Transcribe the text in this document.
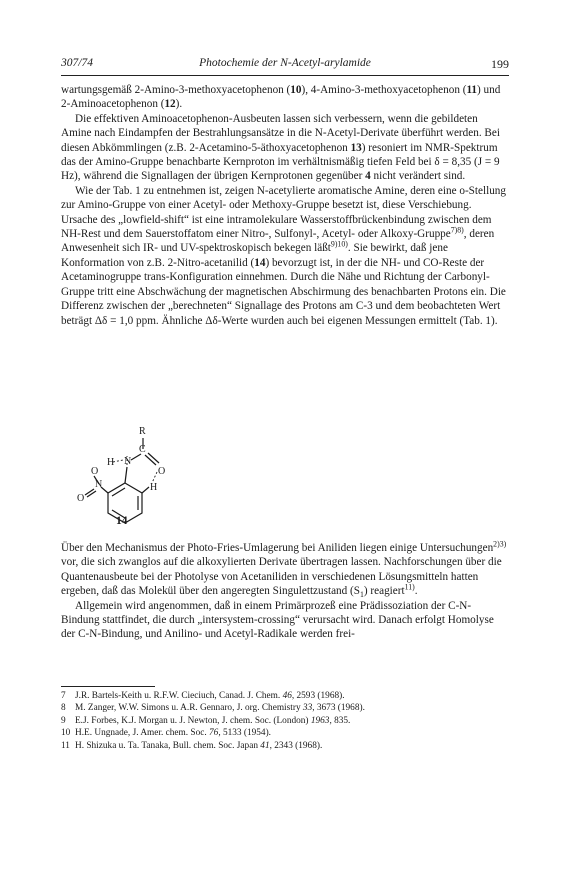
307/74	Photochemie der N-Acetyl-arylamide	199

wartungsgemäß 2-Amino-3-methoxyacetophenon (10), 4-Amino-3-methoxyacetophenon (11) und 2-Aminoacetophenon (12).

Die effektiven Aminoacetophenon-Ausbeuten lassen sich verbessern, wenn die gebildeten Amine nach Eindampfen der Bestrahlungsansätze in die N-Acetyl-Derivate überführt werden. Bei diesen Abkömmlingen (z.B. 2-Acetamino-5-äthoxyacetophenon 13) resoniert im NMR-Spektrum das der Amino-Gruppe benachbarte Kernproton im verhältnismäßig tiefen Feld bei δ = 8,35 (J = 9 Hz), während die Signallagen der übrigen Kernprotonen gegenüber 4 nicht verändert sind.

Wie der Tab. 1 zu entnehmen ist, zeigen N-acetylierte aromatische Amine, deren eine o-Stellung zur Amino-Gruppe von einer Acetyl- oder Methoxy-Gruppe besetzt ist, diese Verschiebung. Ursache des „lowfield-shift“ ist eine intramolekulare Wasserstoffbrückenbindung zwischen dem NH-Rest und dem Sauerstoffatom einer Nitro-, Sulfonyl-, Acetyl- oder Alkoxy-Gruppe$^{7)8)}$, deren Anwesenheit sich IR- und UV-spektroskopisch bekegen läßt$^{9)10)}$. Sie bewirkt, daß jene Konformation von z.B. 2-Nitro-acetanilid (14) bevorzugt ist, in der die NH- und CO-Reste der Acetaminogruppe trans-Konfiguration einnehmen. Durch die Nähe und Richtung der Carbonyl-Gruppe tritt eine Abschwächung der magnetischen Abschirmung des benachbarten Protons ein. Die Differenz zwischen der „berechneten“ Signallage des Protons am C-3 und dem beobachteten Wert beträgt Δδ = 1,0 ppm. Ähnliche Δδ-Werte wurden auch bei eigenen Messungen ermittelt (Tab. 1).

R
C
O
H N
O
N
O
H
14

Über den Mechanismus der Photo-Fries-Umlagerung bei Aniliden liegen einige Untersuchungen$^{2)3)}$ vor, die sich zwanglos auf die alkoxylierten Derivate übertragen lassen. Nachforschungen über die Quantenausbeute bei der Photolyse von Acetaniliden in verschiedenen Lösungsmitteln hatten ergeben, daß das Molekül über den angeregten Singulettzustand $(S_1)$ reagiert$^{11)}$.

Allgemein wird angenommen, daß in einem Primärprozeß eine Prädissoziation der C-N-Bindung stattfindet, die durch „intersystem-crossing“ verursacht wird. Danach erfolgt Homolyse der C-N-Bindung, und Anilino- und Acetyl-Radikale werden frei-

7 J.R. Bartels-Keith u. R.F.W. Cieciuch, Canad. J. Chem. 46, 2593 (1968).
8 M. Zanger, W.W. Simons u. A.R. Gennaro, J. org. Chemistry 33, 3673 (1968).
9 E.J. Forbes, K.J. Morgan u. J. Newton, J. chem. Soc. (London) 1963, 835.
10 H.E. Ungnade, J. Amer. chem. Soc. 76, 5133 (1954).
11 H. Shizuka u. Ta. Tanaka, Bull. chem. Soc. Japan 41, 2343 (1968).
